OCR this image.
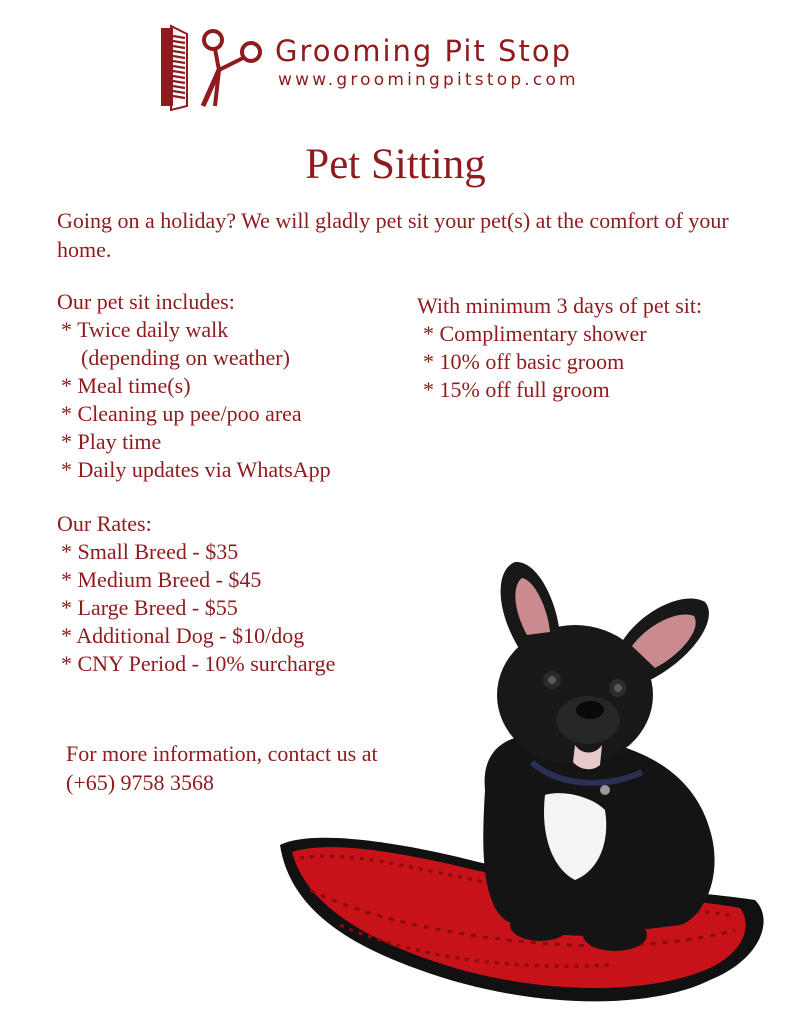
Grooming Pit Stop
www.groomingpitstop.com
Pet Sitting

Going on a holiday? We will gladly pet sit your pet(s) at the comfort of your home.

Our pet sit includes:
* Twice daily walk
(depending on weather)
* Meal time(s)
* Cleaning up pee/poo area
* Play time
* Daily updates via WhatsApp
With minimum 3 days of pet sit:
* Complimentary shower
* 10% off basic groom
* 15% off full groom
Our Rates:
* Small Breed - $35
* Medium Breed - $45
* Large Breed - $55
* Additional Dog - $10/dog
* CNY Period - 10% surcharge
For more information, contact us at
(+65) 9758 3568
